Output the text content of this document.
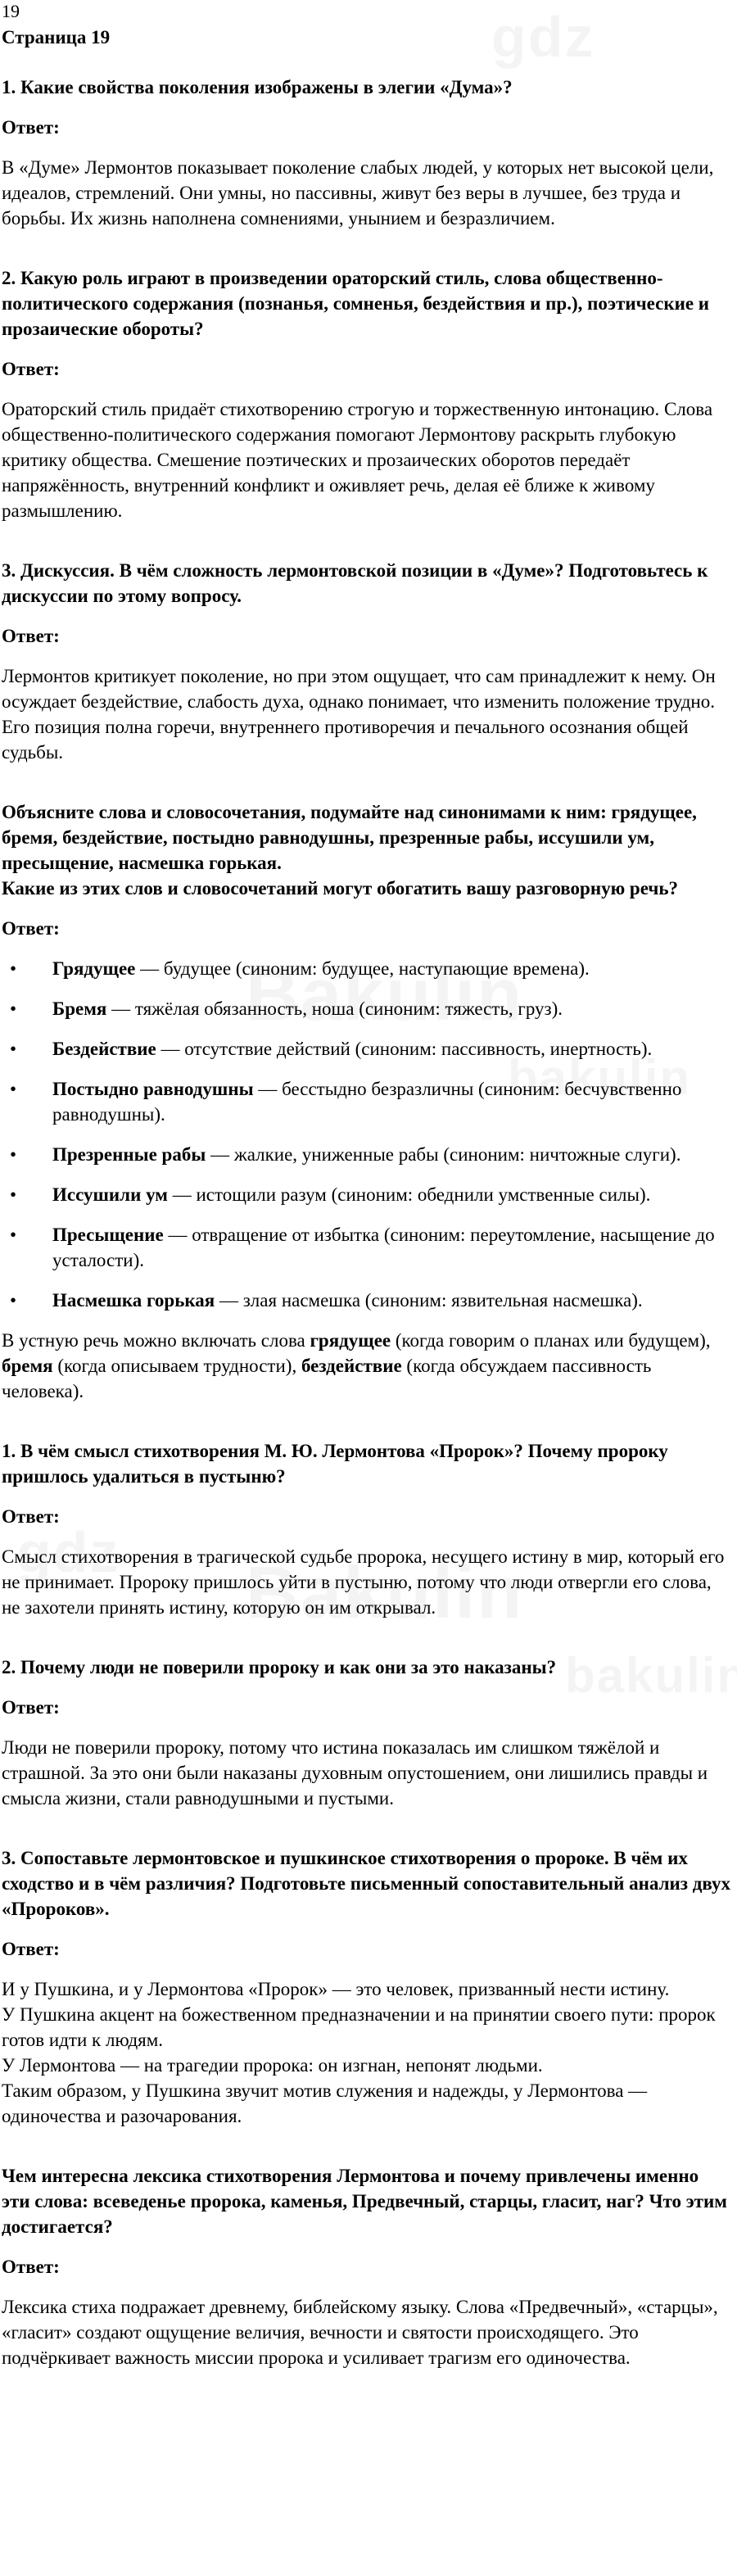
19
Страница 19
1. Какие свойства поколения изображены в элегии «Дума»?
Ответ:
В «Думе» Лермонтов показывает поколение слабых людей, у которых нет высокой цели, идеалов, стремлений. Они умны, но пассивны, живут без веры в лучшее, без труда и борьбы. Их жизнь наполнена сомнениями, унынием и безразличием.
2. Какую роль играют в произведении ораторский стиль, слова общественно-политического содержания (познанья, сомненья, бездействия и пр.), поэтические и прозаические обороты?
Ответ:
Ораторский стиль придаёт стихотворению строгую и торжественную интонацию. Слова общественно-политического содержания помогают Лермонтову раскрыть глубокую критику общества. Смешение поэтических и прозаических оборотов передаёт напряжённость, внутренний конфликт и оживляет речь, делая её ближе к живому размышлению.
3. Дискуссия. В чём сложность лермонтовской позиции в «Думе»? Подготовьтесь к дискуссии по этому вопросу.
Ответ:
Лермонтов критикует поколение, но при этом ощущает, что сам принадлежит к нему. Он осуждает бездействие, слабость духа, однако понимает, что изменить положение трудно. Его позиция полна горечи, внутреннего противоречия и печального осознания общей судьбы.

Объясните слова и словосочетания, подумайте над синонимами к ним: грядущее, бремя, бездействие, постыдно равнодушны, презренные рабы, иссушили ум, пресыщение, насмешка горькая.

Какие из этих слов и словосочетаний могут обогатить вашу разговорную речь?

Ответ:
• Грядущее — будущее (синоним: будущее, наступающие времена).
• Бремя — тяжёлая обязанность, ноша (синоним: тяжесть, груз).
• Бездействие — отсутствие действий (синоним: пассивность, инертность).
• Постыдно равнодушны — бесстыдно безразличны (синоним: бесчувственно равнодушны).
• Презренные рабы — жалкие, униженные рабы (синоним: ничтожные слуги).
• Иссушили ум — истощили разум (синоним: обеднили умственные силы).
• Пресыщение — отвращение от избытка (синоним: переутомление, насыщение до усталости).
• Насмешка горькая — злая насмешка (синоним: язвительная насмешка).
В устную речь можно включать слова грядущее (когда говорим о планах или будущем), бремя (когда описываем трудности), бездействие (когда обсуждаем пассивность человека).
1. В чём смысл стихотворения М. Ю. Лермонтова «Пророк»? Почему пророку пришлось удалиться в пустыню?
Ответ:
Смысл стихотворения в трагической судьбе пророка, несущего истину в мир, который его не принимает. Пророку пришлось уйти в пустыню, потому что люди отвергли его слова, не захотели принять истину, которую он им открывал.
2. Почему люди не поверили пророку и как они за это наказаны?
Ответ:
Люди не поверили пророку, потому что истина показалась им слишком тяжёлой и страшной. За это они были наказаны духовным опустошением, они лишились правды и смысла жизни, стали равнодушными и пустыми.
3. Сопоставьте лермонтовское и пушкинское стихотворения о пророке. В чём их сходство и в чём различия? Подготовьте письменный сопоставительный анализ двух «Пророков».
Ответ:

И у Пушкина, и у Лермонтова «Пророк» — это человек, призванный нести истину.

У Пушкина акцент на божественном предназначении и на принятии своего пути: пророк готов идти к людям.

У Лермонтова — на трагедии пророка: он изгнан, непонят людьми.

Таким образом, у Пушкина звучит мотив служения и надежды, у Лермонтова — одиночества и разочарования.

Чем интересна лексика стихотворения Лермонтова и почему привлечены именно эти слова: всеведенье пророка, каменья, Предвечный, старцы, гласит, наг? Что этим достигается?
Ответ:
Лексика стиха подражает древнему, библейскому языку. Слова «Предвечный», «старцы», «гласит» создают ощущение величия, вечности и святости происходящего. Это подчёркивает важность миссии пророка и усиливает трагизм его одиночества.
